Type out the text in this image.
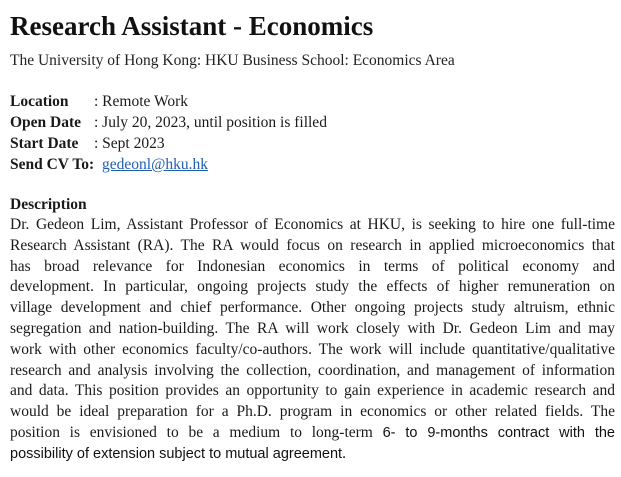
Research Assistant - Economics
The University of Hong Kong: HKU Business School: Economics Area
Location	: Remote Work
Open Date : July 20, 2023, until position is filled
Start Date	: Sept 2023
Send CV To: gedeonl@hku.hk
Description
Dr. Gedeon Lim, Assistant Professor of Economics at HKU, is seeking to hire one full-time
Research Assistant (RA). The RA would focus on research in applied microeconomics that
has broad relevance for Indonesian economics in terms of political economy and
development. In particular, ongoing projects study the effects of higher remuneration on
village development and chief performance. Other ongoing projects study altruism, ethnic
segregation and nation-building. The RA will work closely with Dr. Gedeon Lim and may
work with other economics faculty/co-authors. The work will include quantitative/qualitative
research and analysis involving the collection, coordination, and management of information
and data. This position provides an opportunity to gain experience in academic research and
would be ideal preparation for a Ph.D. program in economics or other related fields. The
position is envisioned to be a medium to long-term 6- to 9-months contract with the
possibility of extension subject to mutual agreement.
